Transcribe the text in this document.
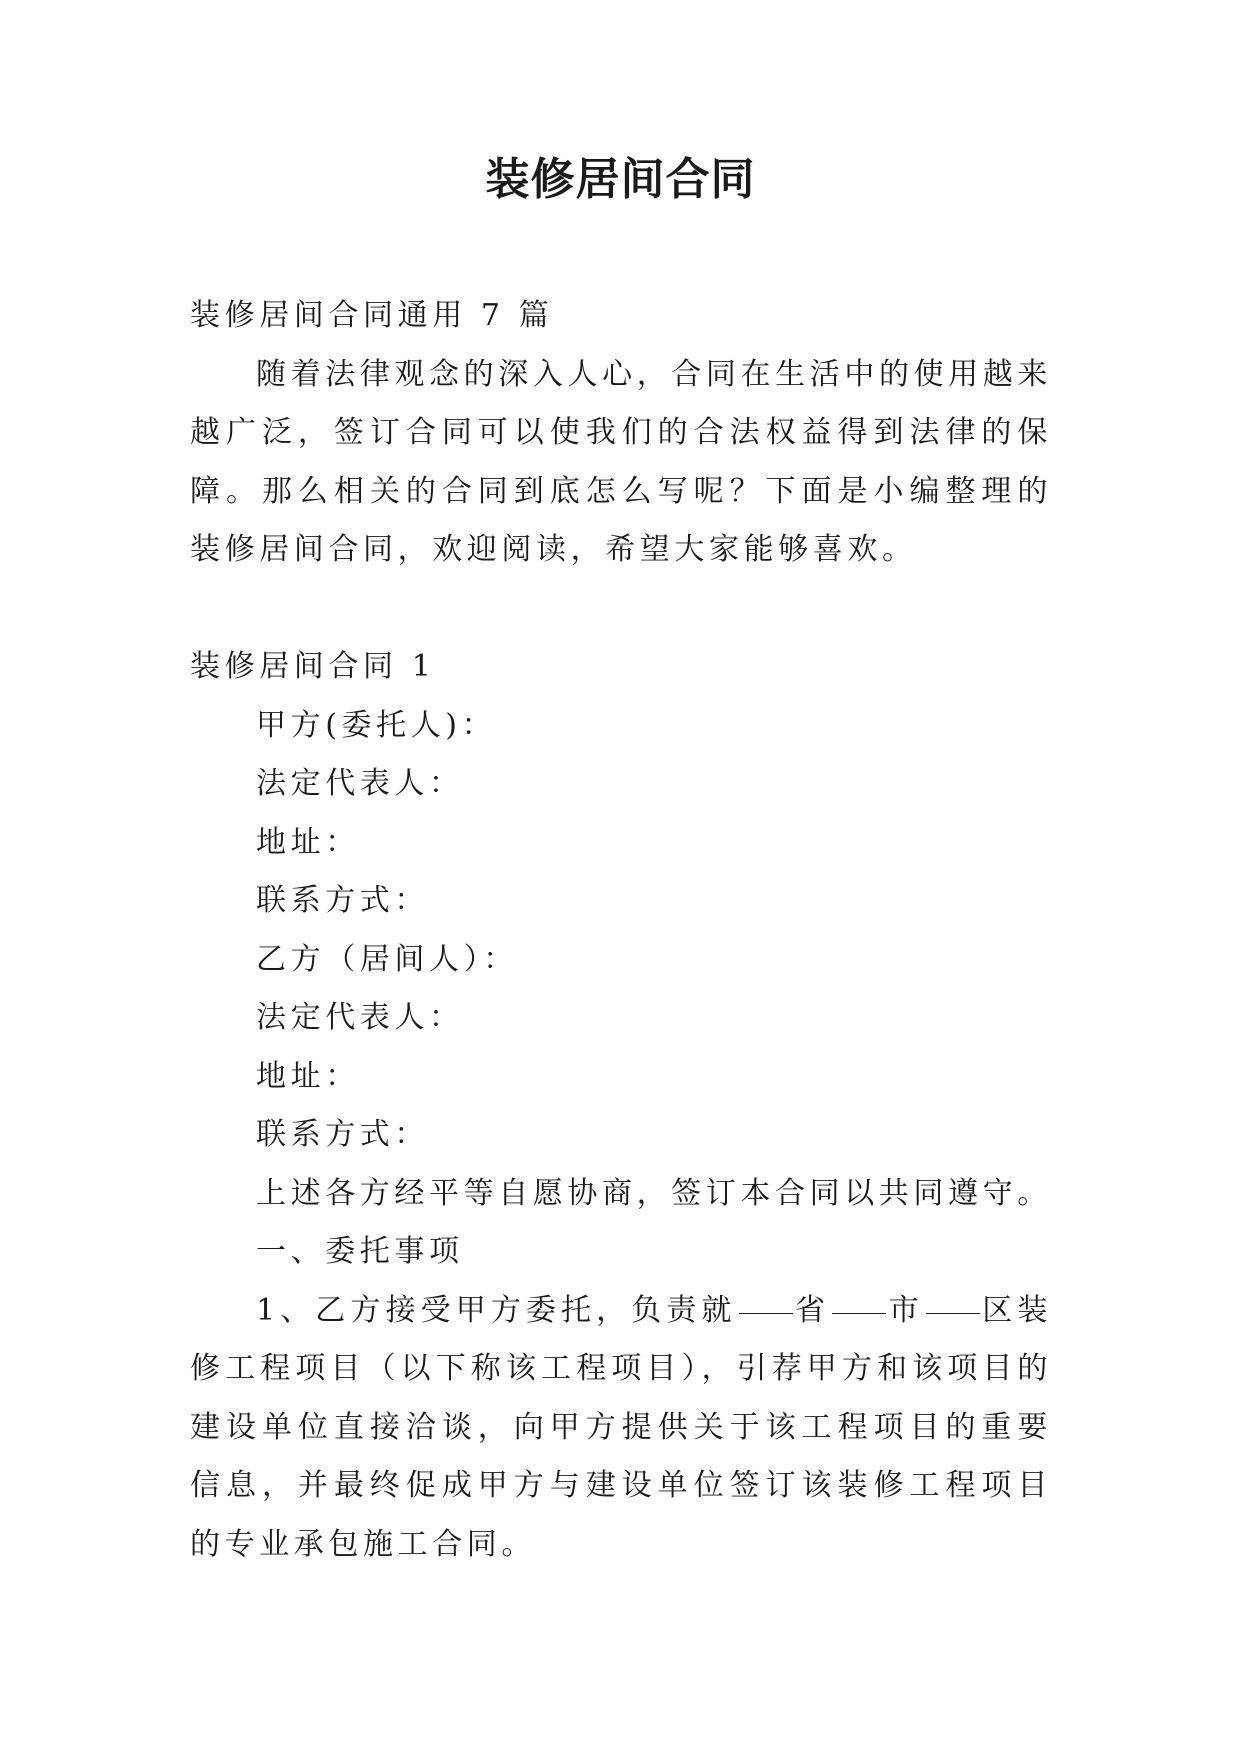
装修居间合同

装修居间合同通用 7 篇

随着法律观念的深入人心，合同在生活中的使用越来越广泛，签订合同可以使我们的合法权益得到法律的保障。那么相关的合同到底怎么写呢？下面是小编整理的装修居间合同，欢迎阅读，希望大家能够喜欢。

装修居间合同 1

甲方(委托人)：

法定代表人：

地址：

联系方式：

乙方（居间人）：

法定代表人：

地址：

联系方式：

上述各方经平等自愿协商，签订本合同以共同遵守。

一、委托事项

1、乙方接受甲方委托，负责就 省 市 区装修工程项目（以下称该工程项目），引荐甲方和该项目的建设单位直接洽谈，向甲方提供关于该工程项目的重要信息，并最终促成甲方与建设单位签订该装修工程项目的专业承包施工合同。
